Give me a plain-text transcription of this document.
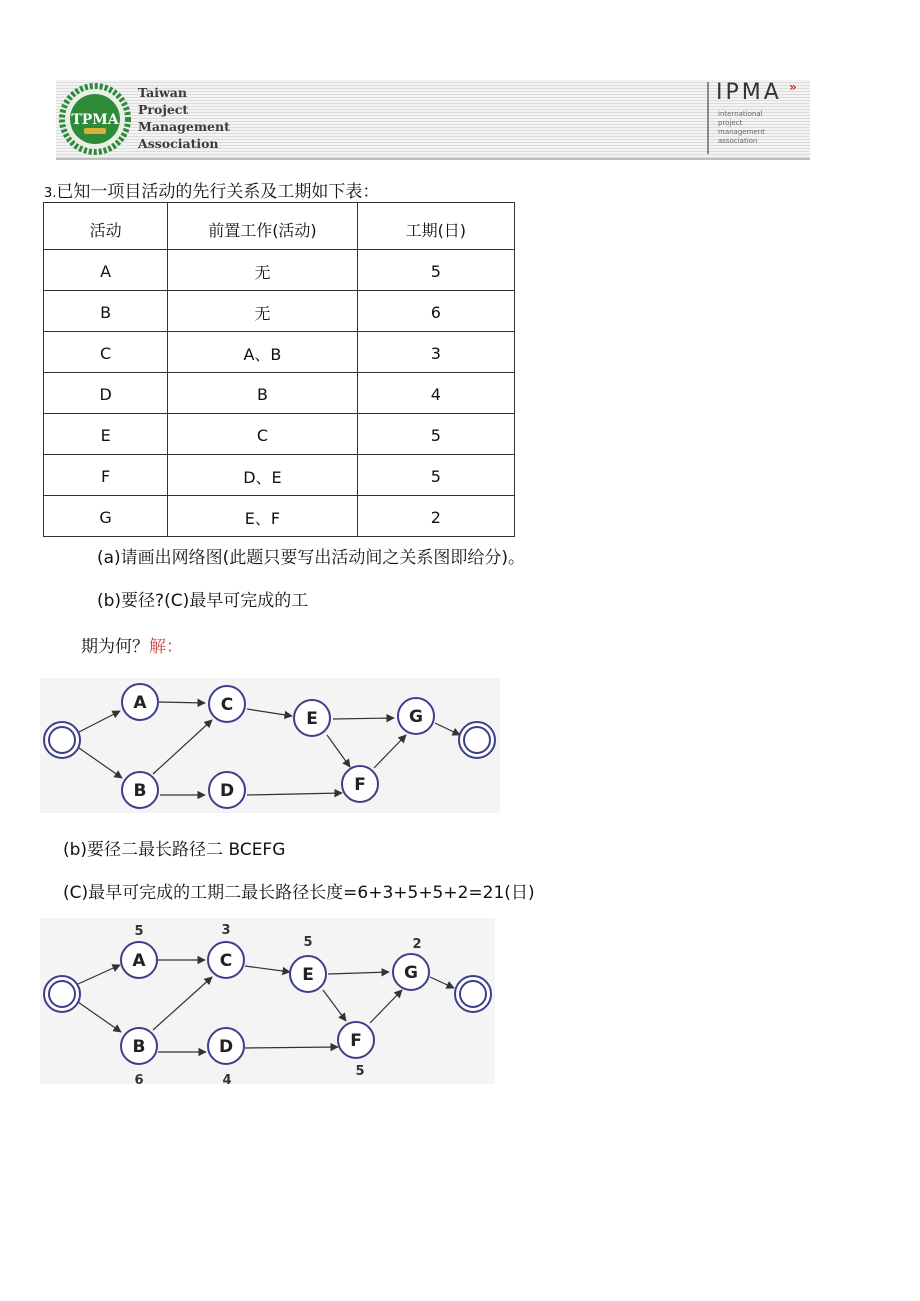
TPMA
Taiwan
Project
Management
Association
IPMA »
international
project
management
association
3.已知一项目活动的先行关系及工期如下表：
活动	前置工作(活动)	工期(日)
A	无	5
B	无	6
C	A、B	3
D	B	4
E	C	5
F	D、E	5
G	E、F	2
(a)请画出网络图(此题只要写出活动间之关系图即给分)。
(b)要径?(C)最早可完成的工
期为何？解：
A
B
C
D
E
F
G
(b)要径二最长路径二 BCEFG
(C)最早可完成的工期二最长路径长度=6+3+5+5+2=21(日)
A
B
C
D
E
F
G
5	3
5	2
6	4
5
